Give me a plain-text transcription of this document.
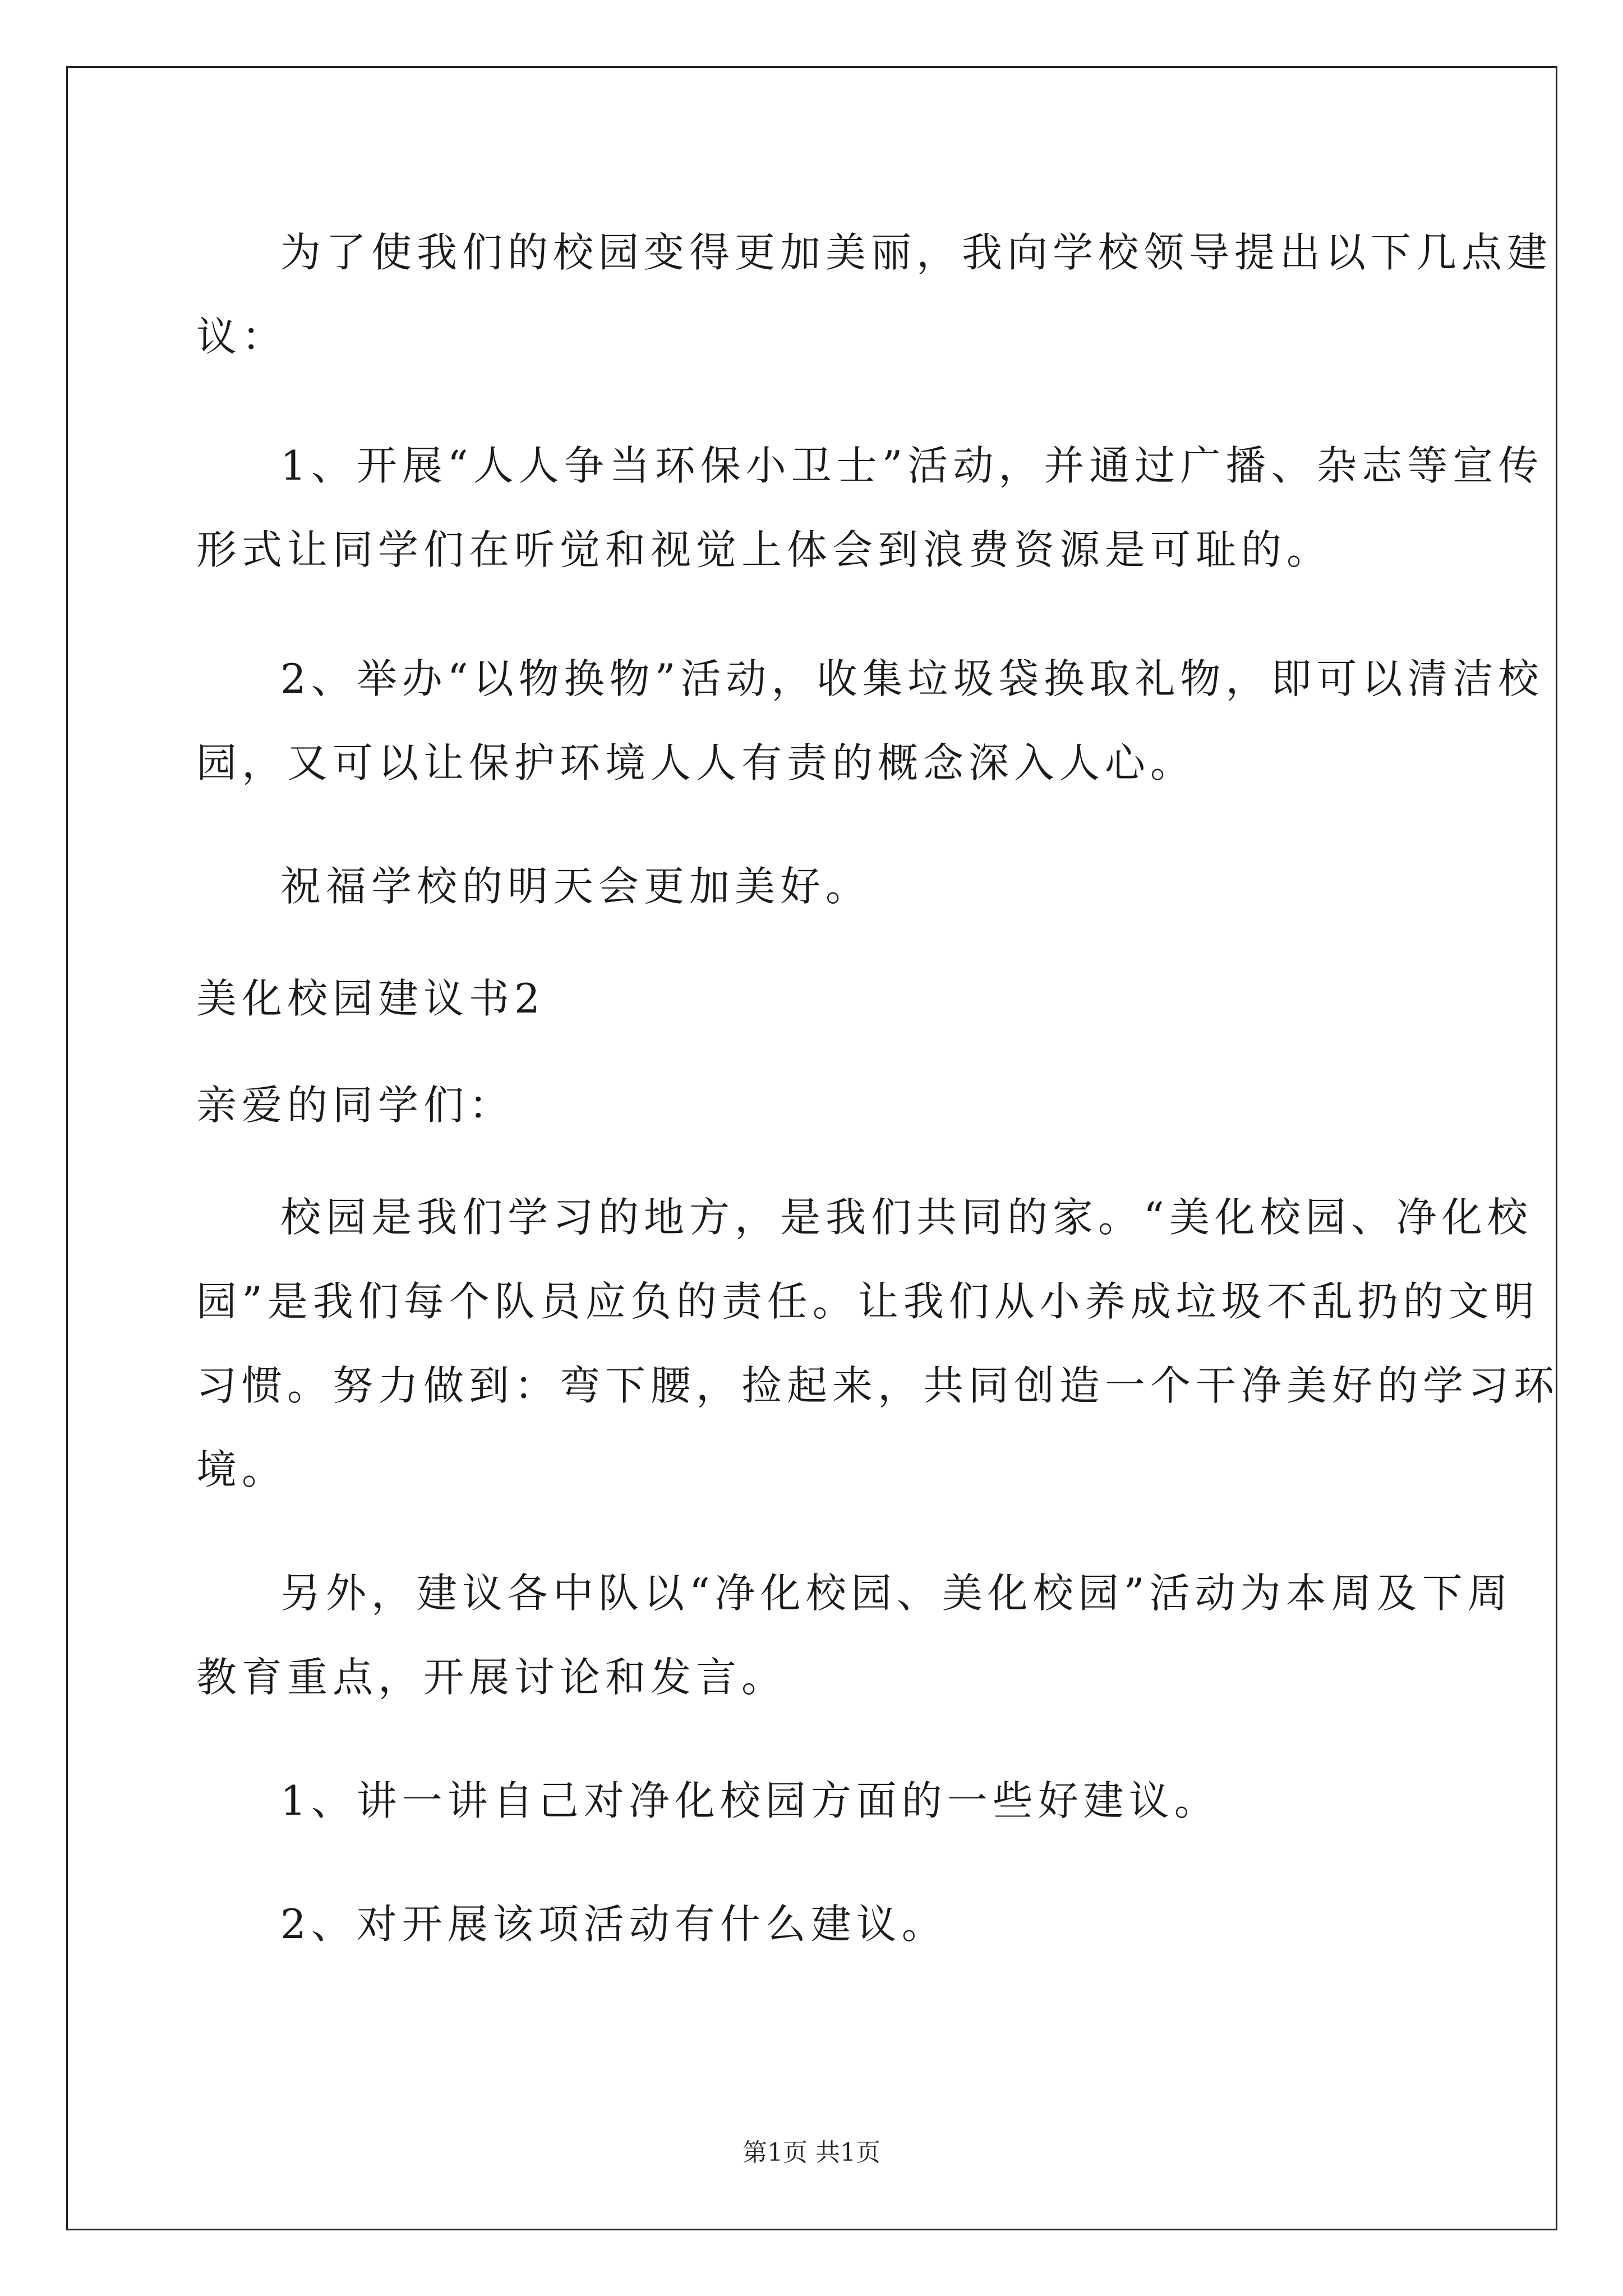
为了使我们的校园变得更加美丽，我向学校领导提出以下几点建

议：

1、开展“人人争当环保小卫士”活动，并通过广播、杂志等宣传

形式让同学们在听觉和视觉上体会到浪费资源是可耻的。

2、举办“以物换物”活动，收集垃圾袋换取礼物，即可以清洁校

园，又可以让保护环境人人有责的概念深入人心。

祝福学校的明天会更加美好。

美化校园建议书2

亲爱的同学们：

校园是我们学习的地方，是我们共同的家。“美化校园、净化校

园”是我们每个队员应负的责任。让我们从小养成垃圾不乱扔的文明

习惯。努力做到：弯下腰，捡起来，共同创造一个干净美好的学习环

境。

另外，建议各中队以“净化校园、美化校园”活动为本周及下周

教育重点，开展讨论和发言。

1、讲一讲自己对净化校园方面的一些好建议。

2、对开展该项活动有什么建议。

第1页 共1页
